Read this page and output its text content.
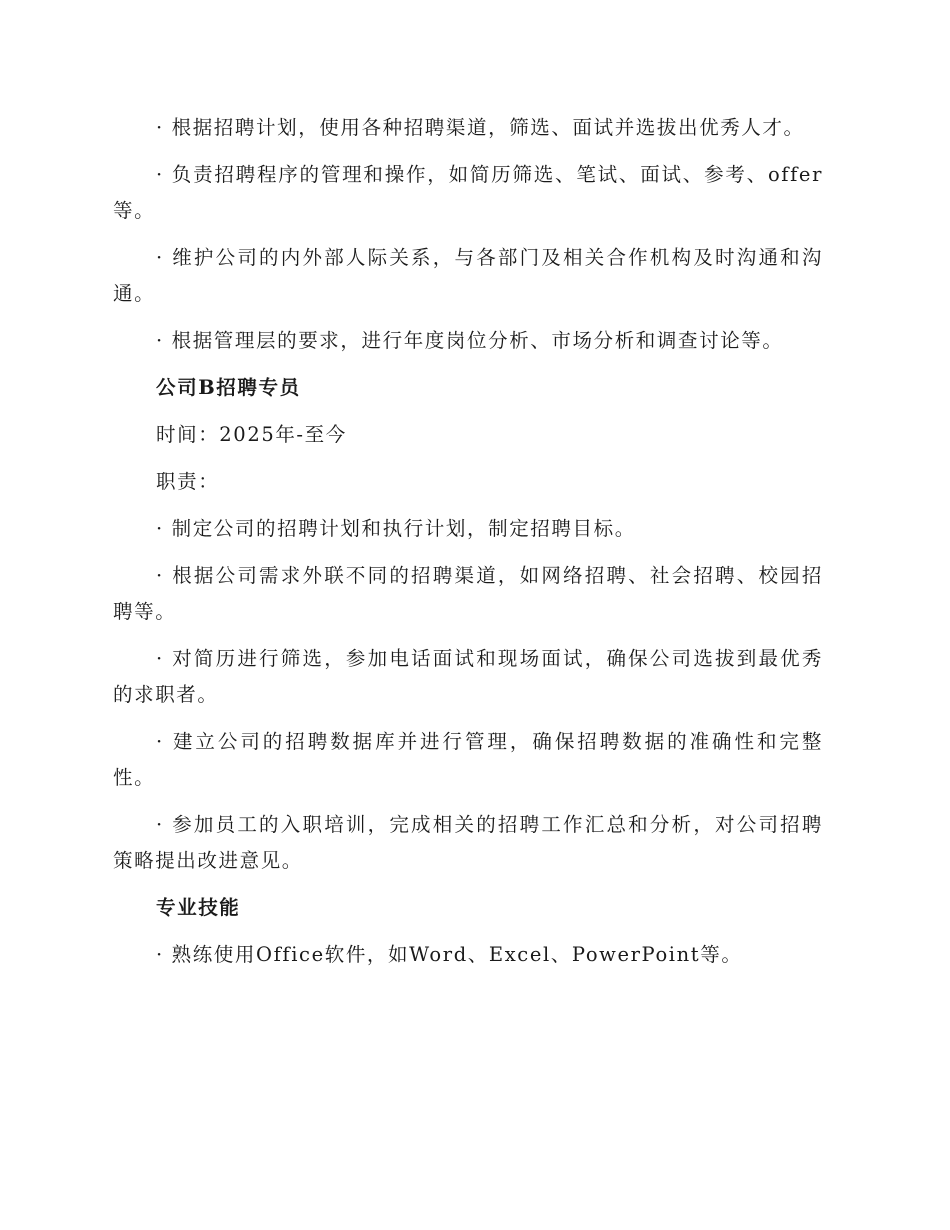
· 根据招聘计划，使用各种招聘渠道，筛选、面试并选拔出优秀人才。

· 负责招聘程序的管理和操作，如简历筛选、笔试、面试、参考、offer等。

· 维护公司的内外部人际关系，与各部门及相关合作机构及时沟通和沟通。

· 根据管理层的要求，进行年度岗位分析、市场分析和调查讨论等。

公司B招聘专员

时间：2025年-至今

职责：

· 制定公司的招聘计划和执行计划，制定招聘目标。

· 根据公司需求外联不同的招聘渠道，如网络招聘、社会招聘、校园招聘等。

· 对简历进行筛选，参加电话面试和现场面试，确保公司选拔到最优秀的求职者。

· 建立公司的招聘数据库并进行管理，确保招聘数据的准确性和完整性。

· 参加员工的入职培训，完成相关的招聘工作汇总和分析，对公司招聘策略提出改进意见。

专业技能

· 熟练使用Office软件，如Word、Excel、PowerPoint等。
